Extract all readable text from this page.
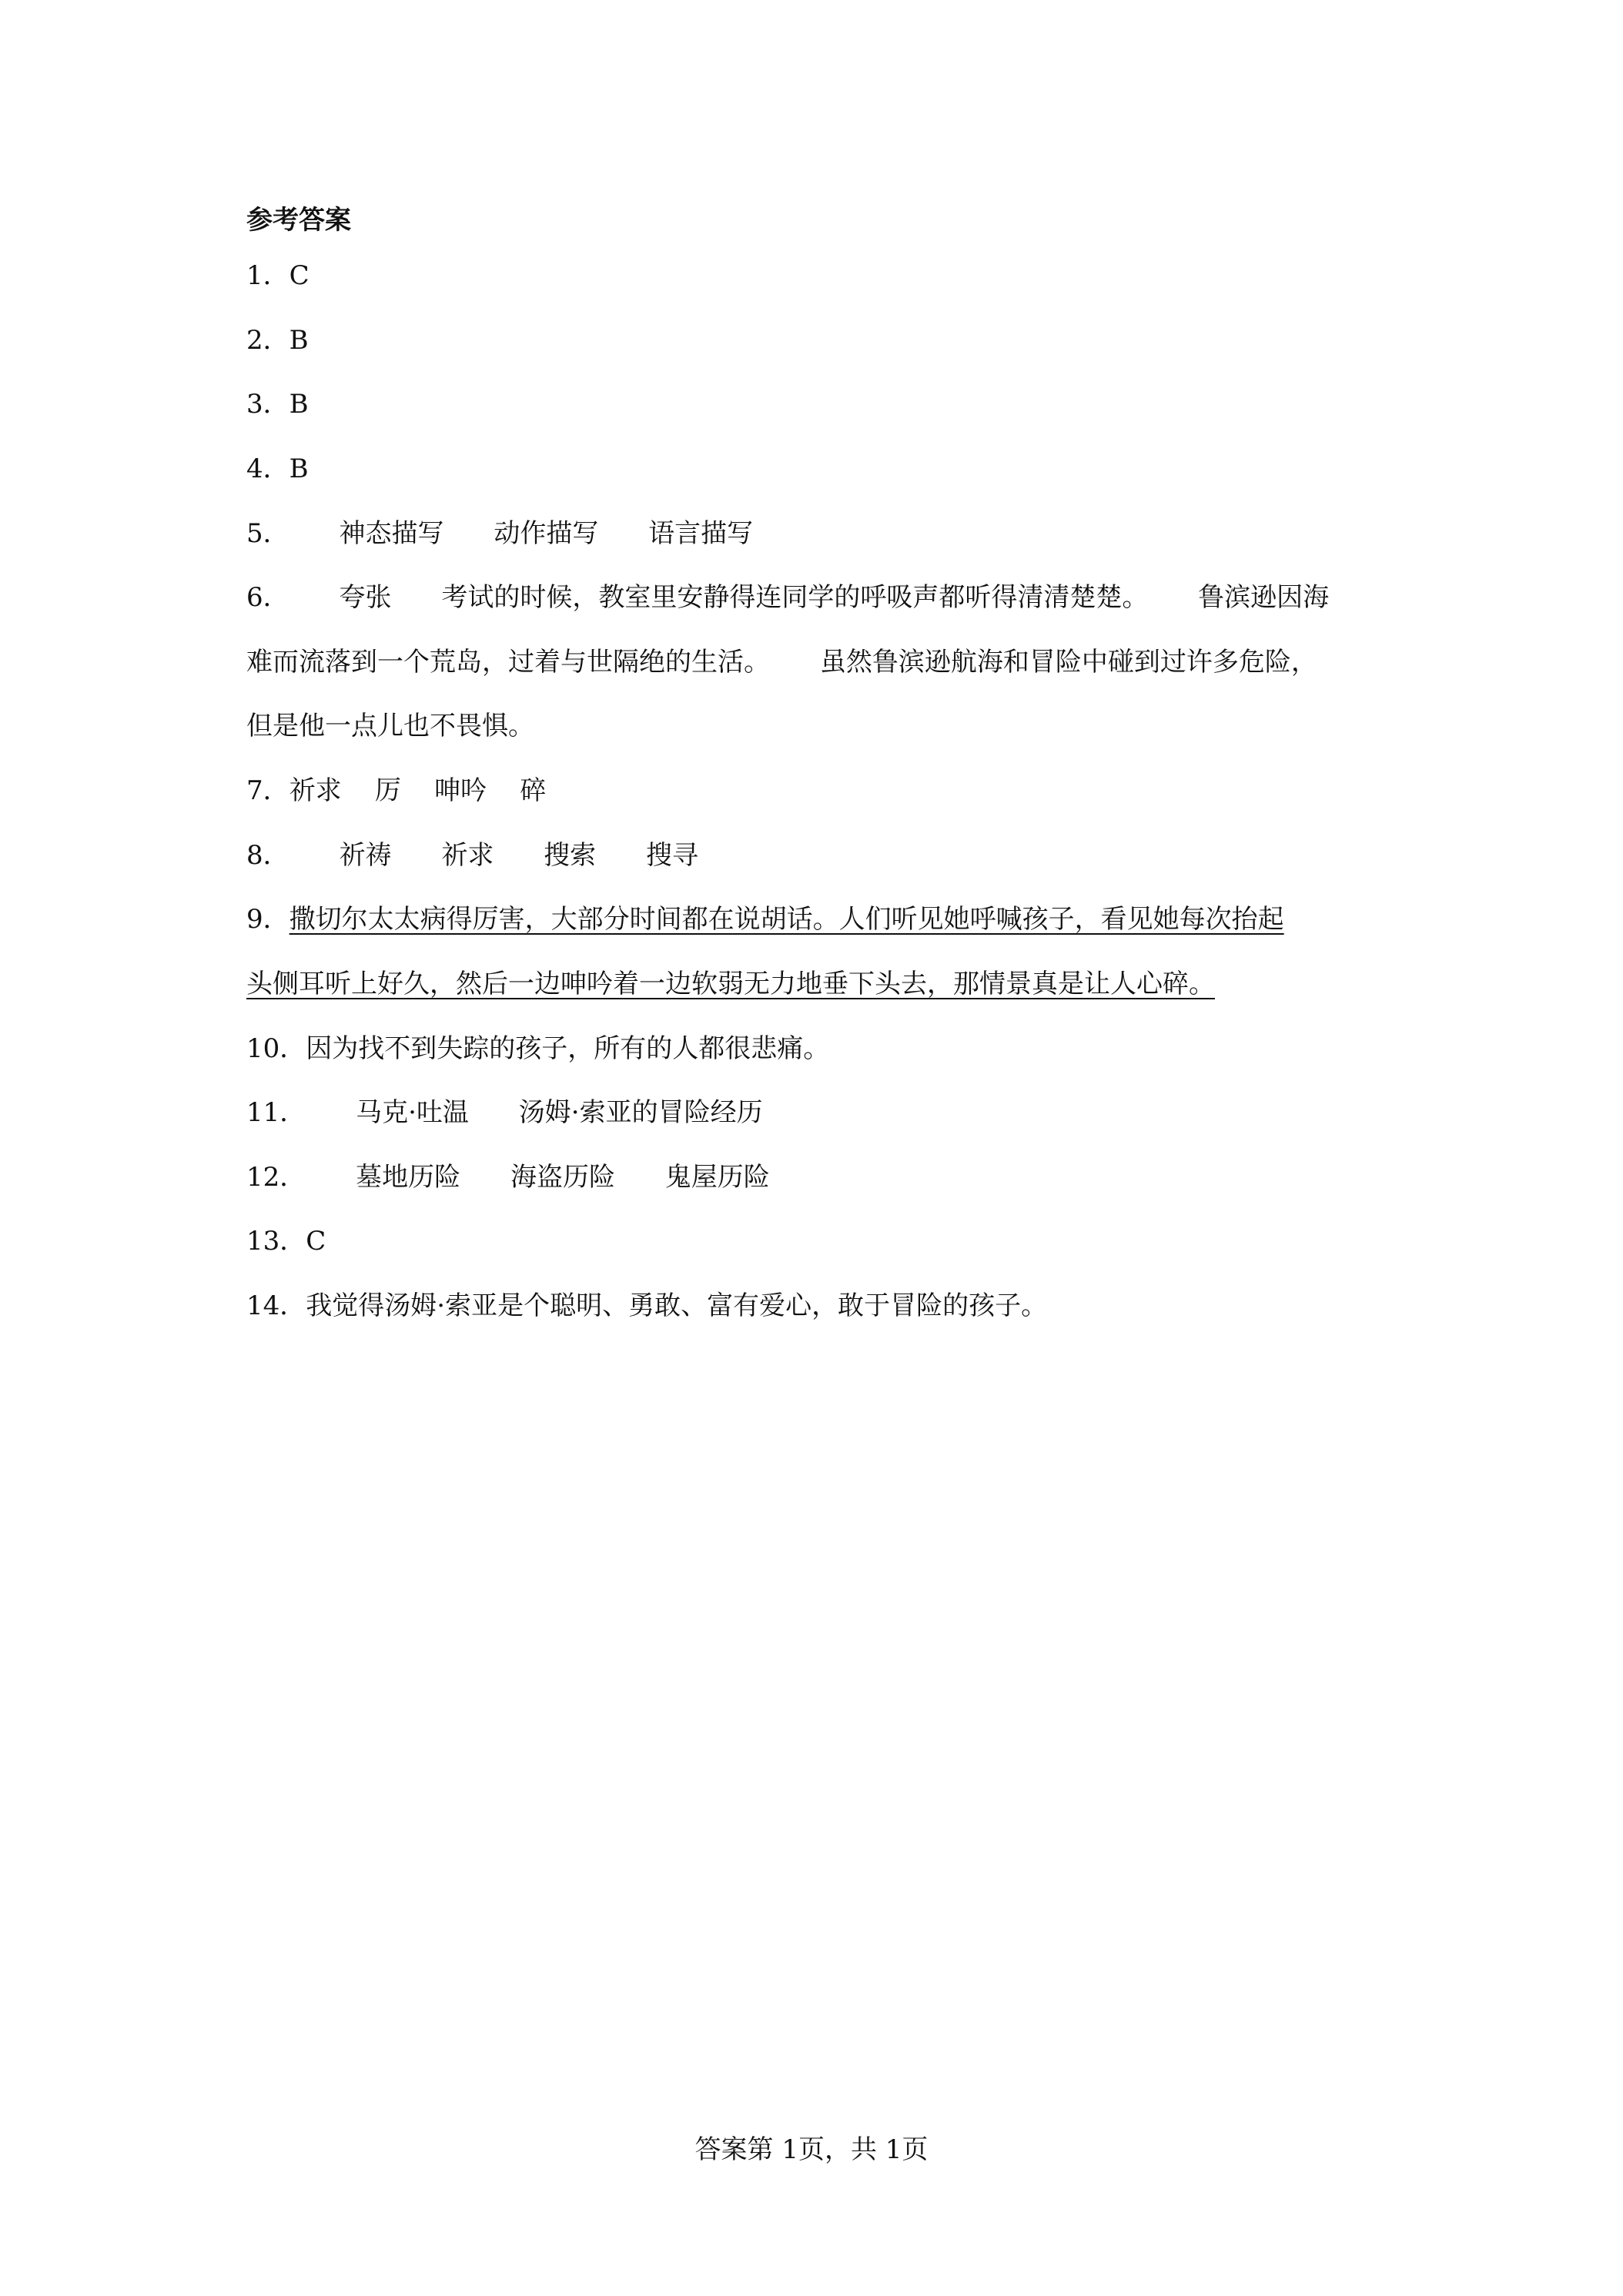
参考答案
1．C
2．B
3．B
4．B
5．      神态描写      动作描写      语言描写
6．      夸张      考试的时候，教室里安静得连同学的呼吸声都听得清清楚楚。      鲁滨逊因海
难而流落到一个荒岛，过着与世隔绝的生活。      虽然鲁滨逊航海和冒险中碰到过许多危险，
但是他一点儿也不畏惧。
7．祈求    厉    呻吟    碎
8．      祈祷      祈求      搜索      搜寻
9．撒切尔太太病得厉害，大部分时间都在说胡话。人们听见她呼喊孩子，看见她每次抬起
头侧耳听上好久，然后一边呻吟着一边软弱无力地垂下头去，那情景真是让人心碎。
10．因为找不到失踪的孩子，所有的人都很悲痛。
11．      马克·吐温      汤姆·索亚的冒险经历
12．      墓地历险      海盗历险      鬼屋历险
13．C
14．我觉得汤姆·索亚是个聪明、勇敢、富有爱心，敢于冒险的孩子。
答案第 1页，共 1页
